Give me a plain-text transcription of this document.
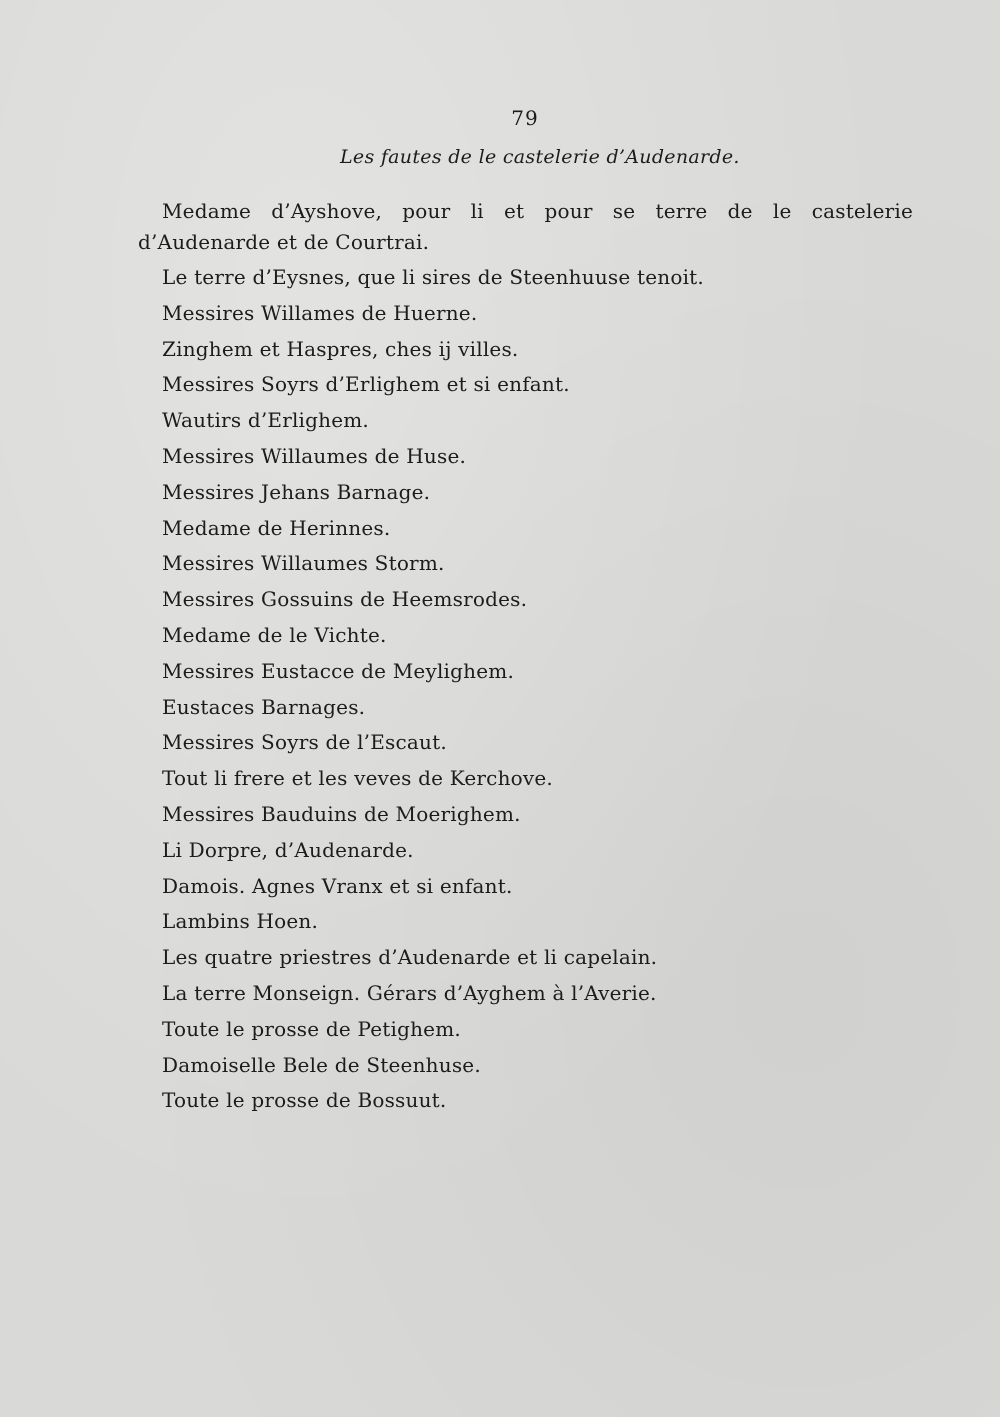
79
Les fautes de le castelerie d’Audenarde.
Medame d’Ayshove, pour li et pour se terre de le castelerie d’Audenarde et de Courtrai.
Le terre d’Eysnes, que li sires de Steenhuuse tenoit.
Messires Willames de Huerne.
Zinghem et Haspres, ches ij villes.
Messires Soyrs d’Erlighem et si enfant.
Wautirs d’Erlighem.
Messires Willaumes de Huse.
Messires Jehans Barnage.
Medame de Herinnes.
Messires Willaumes Storm.
Messires Gossuins de Heemsrodes.
Medame de le Vichte.
Messires Eustacce de Meylighem.
Eustaces Barnages.
Messires Soyrs de l’Escaut.
Tout li frere et les veves de Kerchove.
Messires Bauduins de Moerighem.
Li Dorpre, d’Audenarde.
Damois. Agnes Vranx et si enfant.
Lambins Hoen.
Les quatre priestres d’Audenarde et li capelain.
La terre Monseign. Gérars d’Ayghem à l’Averie.
Toute le prosse de Petighem.
Damoiselle Bele de Steenhuse.
Toute le prosse de Bossuut.
